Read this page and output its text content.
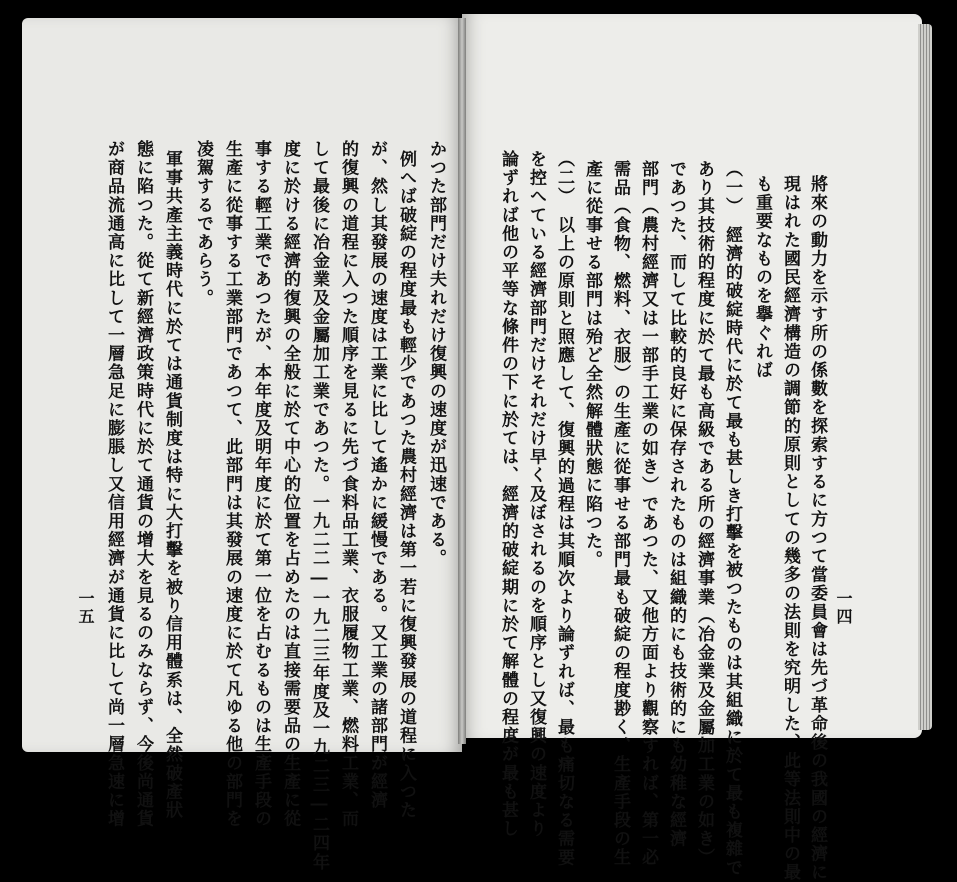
一四
將來の動力を示す所の係數を探索するに方つて當委員會は先づ革命後の我國の經濟に
現はれた國民經濟構造の調節的原則としての幾多の法則を究明した、此等法則中の最
も重要なものを擧ぐれば
（一）　經濟的破綻時代に於て最も甚しき打擊を被つたものは其組織に於て最も複雜で
あり其技術的程度に於て最も高級である所の經濟事業（冶金業及金屬加工業の如き）
であつた、而して比較的良好に保存されたものは組織的にも技術的にも幼稚な經濟
部門（農村經濟又は一部手工業の如き）であつた、又他方面より觀察すれば、第一必
需品（食物、燃料、衣服）の生產に從事せる部門最も破綻の程度尠く、生產手段の生
產に從事せる部門は殆ど全然解體狀態に陷つた。
（二）　以上の原則と照應して、復興的過程は其順次より論ずれば、最も痛切なる需要
を控へている經濟部門だけそれだけ早く及ぼされるのを順序とし又復興の速度より
論ずれば他の平等な條件の下に於ては、經濟的破綻期に於て解體の程度が最も甚し
かつた部門だけ夫れだけ復興の速度が迅速である。
例へば破綻の程度最も輕少であつた農村經濟は第一若に復興發展の道程に入つた
が、然し其發展の速度は工業に比して遙かに緩慢である。又工業の諸部門が經濟
的復興の道程に入つた順序を見るに先づ食料品工業、衣服履物工業、燃料工業、而
して最後に冶金業及金屬加工業であつた。一九二二―一九二三年度及一九二三―二四年
度に於ける經濟的復興の全般に於て中心的位置を占めたのは直接需要品の生產に從
事する輕工業であつたが、本年度及明年度に於て第一位を占むるものは生產手段の
生產に從事する工業部門であつて、此部門は其發展の速度に於て凡ゆる他の部門を
凌駕するであらう。
軍事共產主義時代に於ては通貨制度は特に大打擊を被り信用體系は、全然破產狀
態に陷つた。從て新經濟政策時代に於て通貨の增大を見るのみならず、今後尚通貨
が商品流通高に比して一層急足に膨脹し又信用經濟が通貨に比して尚一層急速に增
一五
